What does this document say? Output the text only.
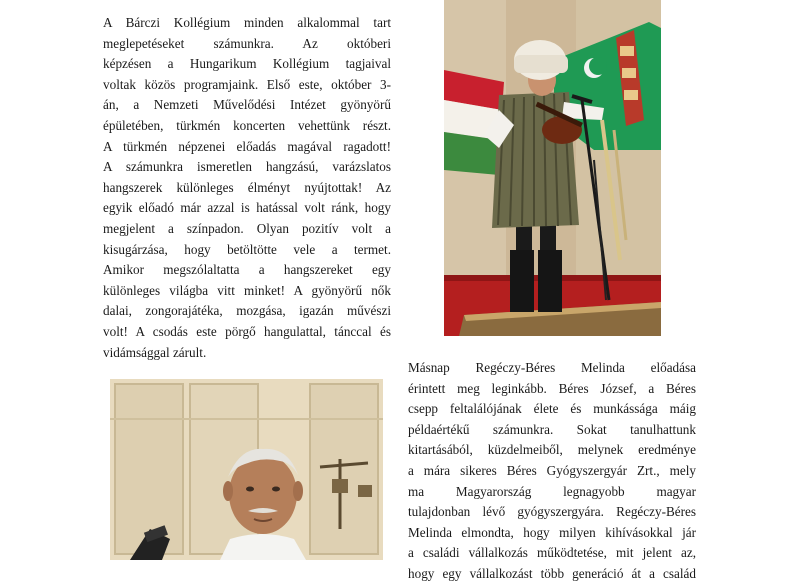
A Bárczi Kollégium minden alkalommal tart
meglepetéseket számunkra. Az októberi
képzésen a Hungarikum Kollégium tagjaival
voltak közös programjaink. Első este, október 3-
án, a Nemzeti Művelődési Intézet gyönyörű
épületében, türkmén koncerten vehettünk részt.
A türkmén népzenei előadás magával ragadott!
A számunkra ismeretlen hangzású, varázslatos
hangszerek különleges élményt nyújtottak! Az
egyik előadó már azzal is hatással volt ránk, hogy
megjelent a színpadon. Olyan pozitív volt a
kisugárzása, hogy betöltötte vele a termet.
Amikor megszólaltatta a hangszereket egy
különleges világba vitt minket! A gyönyörű nők
dalai, zongorajátéka, mozgása, igazán művészi
volt! A csodás este pörgő hangulattal, tánccal és
vidámsággal zárult.
Másnap Regéczy-Béres Melinda előadása
érintett meg leginkább. Béres József, a Béres
csepp feltalálójának élete és munkássága máig
példaértékű számunkra. Sokat tanulhattunk
kitartásából, küzdelmeiből, melynek eredménye
a mára sikeres Béres Gyógyszergyár Zrt., mely
ma Magyarország legnagyobb magyar
tulajdonban lévő gyógyszergyára. Regéczy-Béres
Melinda elmondta, hogy milyen kihívásokkal jár
a családi vállalkozás működtetése, mit jelent az,
hogy egy vállalkozást több generáció át a család
